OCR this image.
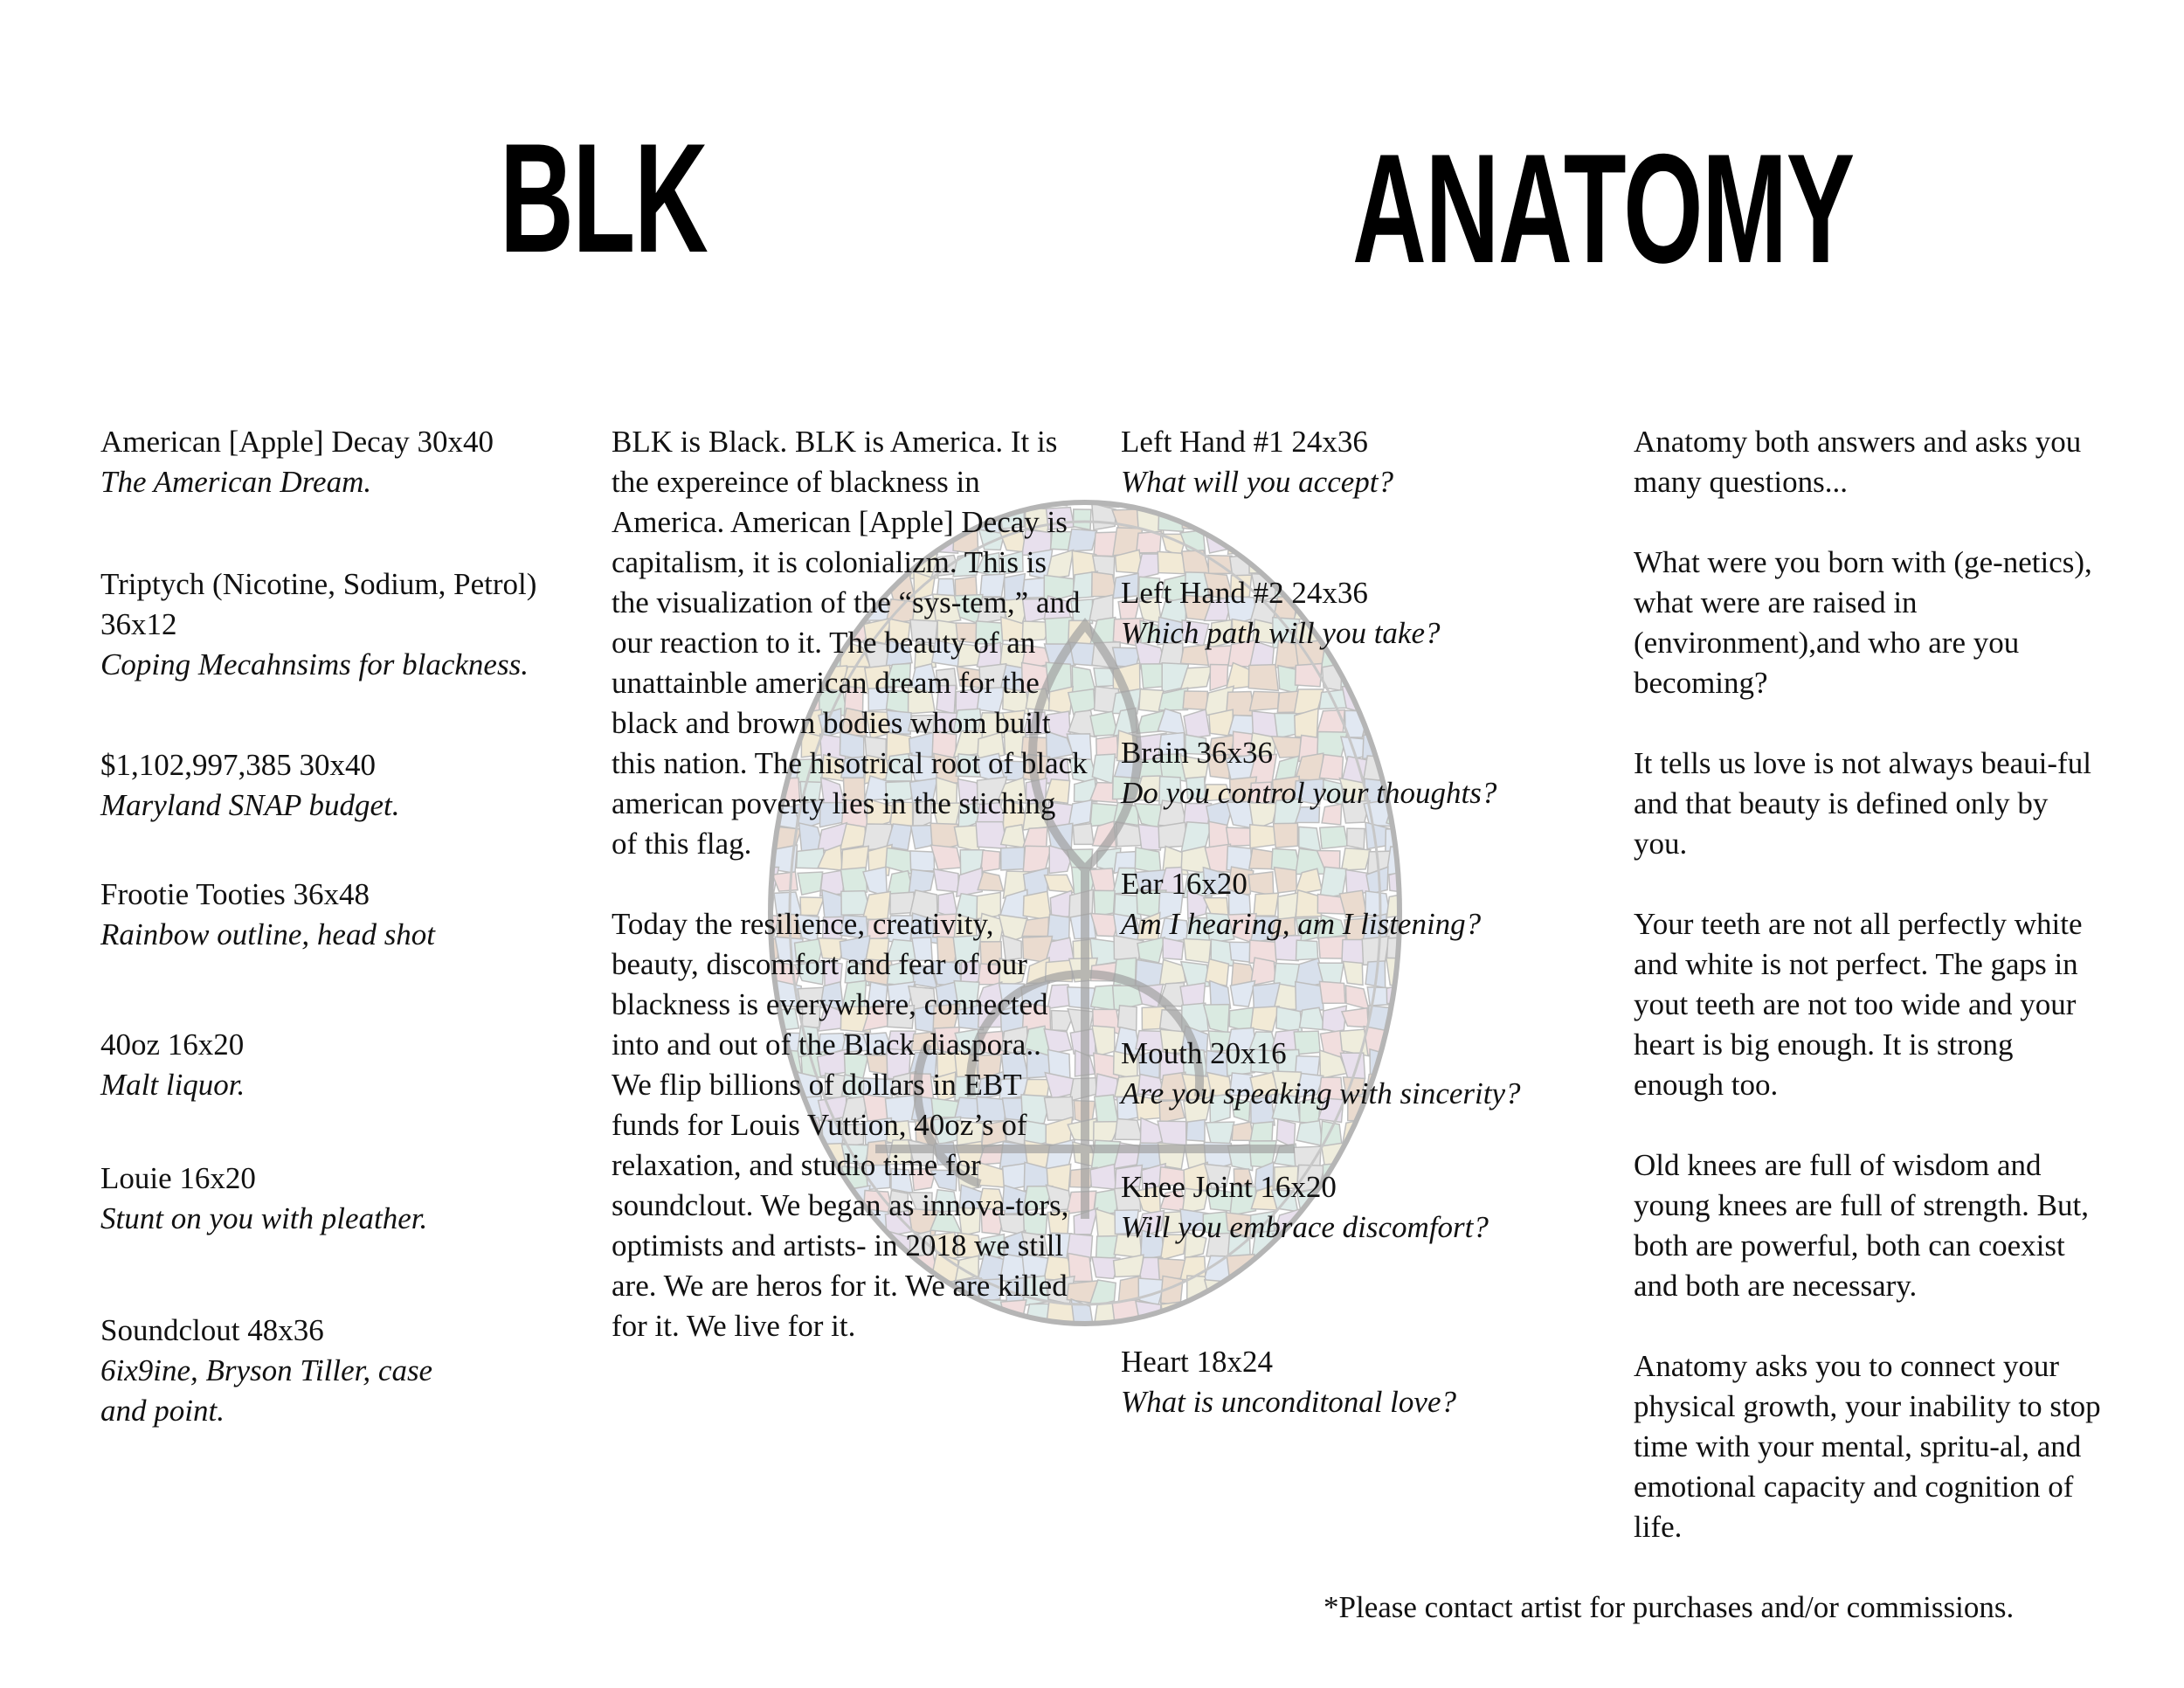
BLK	ANATOMY
American [Apple] Decay 30x40
The American Dream.
Triptych (Nicotine, Sodium, Petrol)
36x12
Coping Mecahnsims for blackness.
$1,102,997,385 30x40
Maryland SNAP budget.
Frootie Tooties 36x48
Rainbow outline, head shot
40oz 16x20
Malt liquor.
Louie 16x20
Stunt on you with pleather.
Soundclout 48x36
6ix9ine, Bryson Tiller, case
and point.

BLK is Black. BLK is America. It is the expereince of blackness in America. American [Apple] Decay is capitalism, it is colonializm. This is the visualization of the “sys-tem,” and our reaction to it. The beauty of an unattainble american dream for the black and brown bodies whom built this nation. The hisotrical root of black american poverty lies in the stiching of this flag.

Today the resilience, creativity, beauty, discomfort and fear of our blackness is everywhere, connected into and out of the Black diaspora.. We flip billions of dollars in EBT funds for Louis Vuttion, 40oz’s of relaxation, and studio time for soundclout. We began as innova-tors, optimists and artists- in 2018 we still are. We are heros for it. We are killed for it. We live for it.

Left Hand #1 24x36
What will you accept?
Left Hand #2 24x36
Which path will you take?
Brain 36x36
Do you control your thoughts?
Ear 16x20
Am I hearing, am I listening?
Mouth 20x16
Are you speaking with sincerity?
Knee Joint 16x20
Will you embrace discomfort?
Heart 18x24
What is unconditonal love?

Anatomy both answers and asks you many questions...

What were you born with (ge-netics), what were are raised in (environment),and who are you becoming?

It tells us love is not always beaui-ful and that beauty is defined only by you.

Your teeth are not all perfectly white and white is not perfect. The gaps in yout teeth are not too wide and your heart is big enough. It is strong enough too.

Old knees are full of wisdom and young knees are full of strength. But, both are powerful, both can coexist and both are necessary.

Anatomy asks you to connect your physical growth, your inability to stop time with your mental, spritu-al, and emotional capacity and cognition of life.

*Please contact artist for purchases and/or commissions.
